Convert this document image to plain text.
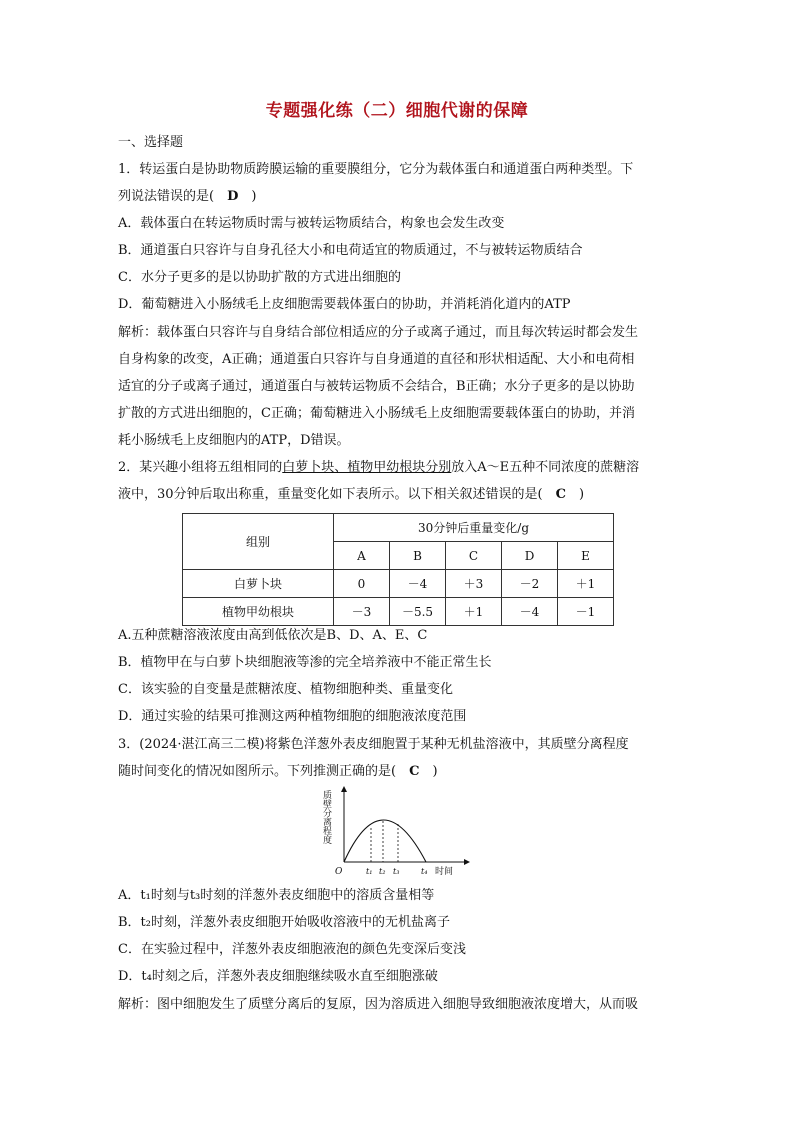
专题强化练（二）细胞代谢的保障
一、选择题
1．转运蛋白是协助物质跨膜运输的重要膜组分，它分为载体蛋白和通道蛋白两种类型。下
列说法错误的是(　D　)
A．载体蛋白在转运物质时需与被转运物质结合，构象也会发生改变
B．通道蛋白只容许与自身孔径大小和电荷适宜的物质通过，不与被转运物质结合
C．水分子更多的是以协助扩散的方式进出细胞的
D．葡萄糖进入小肠绒毛上皮细胞需要载体蛋白的协助，并消耗消化道内的ATP
解析：载体蛋白只容许与自身结合部位相适应的分子或离子通过，而且每次转运时都会发生
自身构象的改变，A正确；通道蛋白只容许与自身通道的直径和形状相适配、大小和电荷相
适宜的分子或离子通过，通道蛋白与被转运物质不会结合，B正确；水分子更多的是以协助
扩散的方式进出细胞的，C正确；葡萄糖进入小肠绒毛上皮细胞需要载体蛋白的协助，并消
耗小肠绒毛上皮细胞内的ATP，D错误。
2．某兴趣小组将五组相同的白萝卜块、植物甲幼根块分别放入A～E五种不同浓度的蔗糖溶
液中，30分钟后取出称重，重量变化如下表所示。以下相关叙述错误的是(　C　)
组别	30分钟后重量变化/g				
	A	B	C	D	E
白萝卜块	0	－4	＋3	－2	＋1
植物甲幼根块	－3	－5.5	＋1	－4	－1
A.五种蔗糖溶液浓度由高到低依次是B、D、A、E、C
B．植物甲在与白萝卜块细胞液等渗的完全培养液中不能正常生长
C．该实验的自变量是蔗糖浓度、植物细胞种类、重量变化
D．通过实验的结果可推测这两种植物细胞的细胞液浓度范围
3．(2024·湛江高三二模)将紫色洋葱外表皮细胞置于某种无机盐溶液中，其质壁分离程度
随时间变化的情况如图所示。下列推测正确的是(　C　)
质壁分离程度
O	t₁ t₂ t₃	t₄ 时间
A．t₁时刻与t₃时刻的洋葱外表皮细胞中的溶质含量相等
B．t₂时刻，洋葱外表皮细胞开始吸收溶液中的无机盐离子
C．在实验过程中，洋葱外表皮细胞液泡的颜色先变深后变浅
D．t₄时刻之后，洋葱外表皮细胞继续吸水直至细胞涨破
解析：图中细胞发生了质壁分离后的复原，因为溶质进入细胞导致细胞液浓度增大，从而吸
